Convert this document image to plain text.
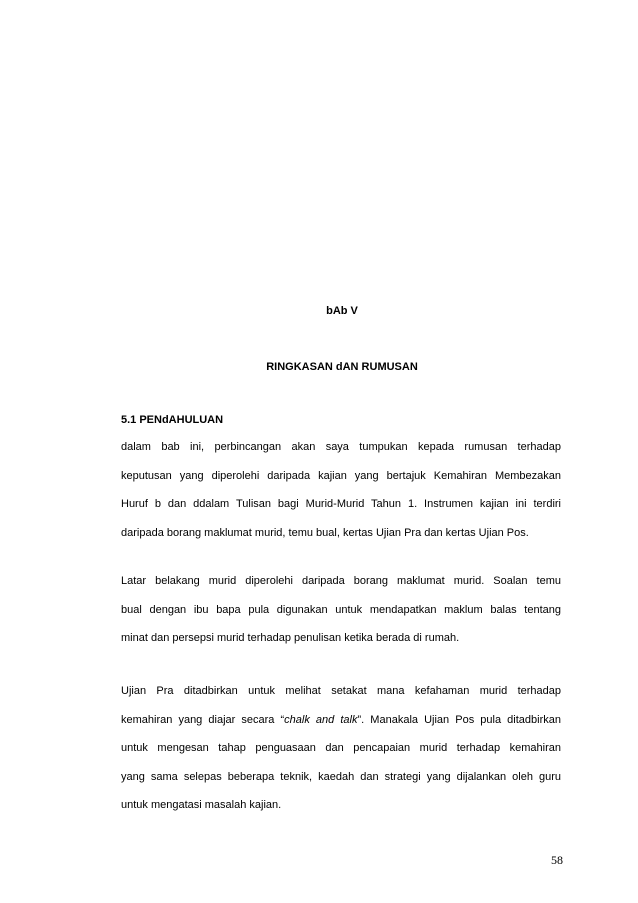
bAb V
RINGKASAN dAN RUMUSAN
5.1 PENdAHULUAN
dalam bab ini, perbincangan akan saya tumpukan kepada rumusan terhadap
keputusan yang diperolehi daripada kajian yang bertajuk Kemahiran Membezakan
Huruf b dan ddalam Tulisan bagi Murid-Murid Tahun 1. Instrumen kajian ini terdiri
daripada borang maklumat murid, temu bual, kertas Ujian Pra dan kertas Ujian Pos.
Latar belakang murid diperolehi daripada borang maklumat murid. Soalan temu
bual dengan ibu bapa pula digunakan untuk mendapatkan maklum balas tentang
minat dan persepsi murid terhadap penulisan ketika berada di rumah.
Ujian Pra ditadbirkan untuk melihat setakat mana kefahaman murid terhadap
kemahiran yang diajar secara “chalk and talk”. Manakala Ujian Pos pula ditadbirkan
untuk mengesan tahap penguasaan dan pencapaian murid terhadap kemahiran
yang sama selepas beberapa teknik, kaedah dan strategi yang dijalankan oleh guru
untuk mengatasi masalah kajian.
58
